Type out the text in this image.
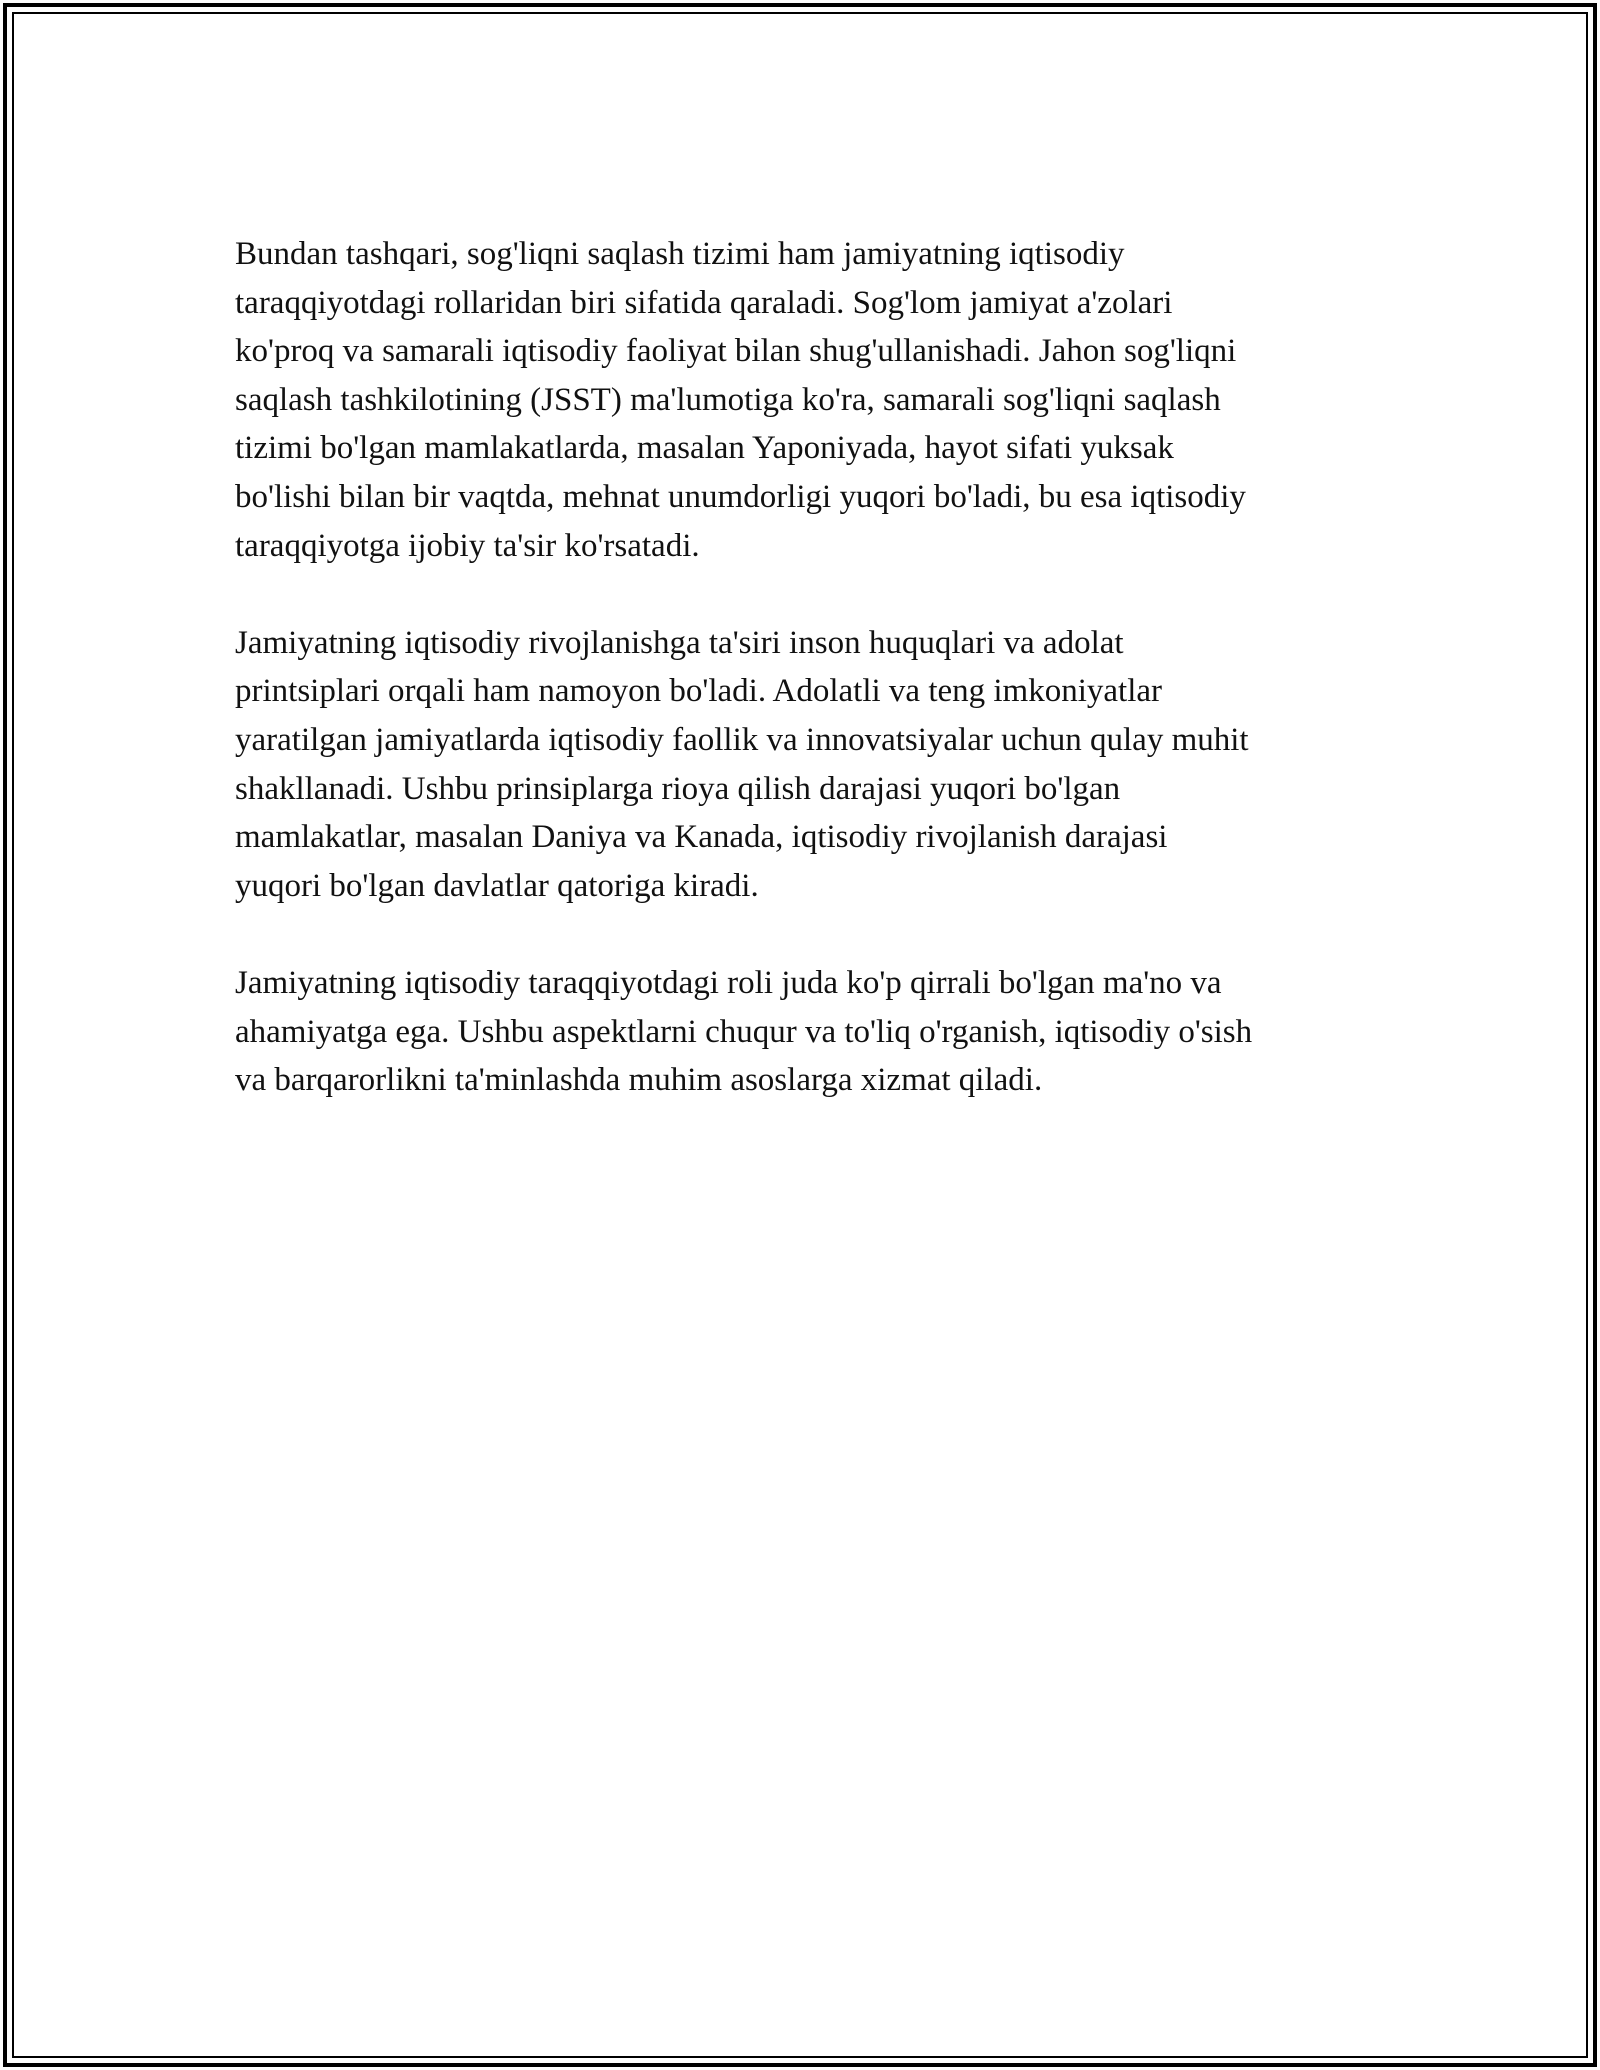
Bundan tashqari, sog'liqni saqlash tizimi ham jamiyatning iqtisodiy
taraqqiyotdagi rollaridan biri sifatida qaraladi. Sog'lom jamiyat a'zolari
ko'proq va samarali iqtisodiy faoliyat bilan shug'ullanishadi. Jahon sog'liqni
saqlash tashkilotining (JSST) ma'lumotiga ko'ra, samarali sog'liqni saqlash
tizimi bo'lgan mamlakatlarda, masalan Yaponiyada, hayot sifati yuksak
bo'lishi bilan bir vaqtda, mehnat unumdorligi yuqori bo'ladi, bu esa iqtisodiy
taraqqiyotga ijobiy ta'sir ko'rsatadi.

Jamiyatning iqtisodiy rivojlanishga ta'siri inson huquqlari va adolat
printsiplari orqali ham namoyon bo'ladi. Adolatli va teng imkoniyatlar
yaratilgan jamiyatlarda iqtisodiy faollik va innovatsiyalar uchun qulay muhit
shakllanadi. Ushbu prinsiplarga rioya qilish darajasi yuqori bo'lgan
mamlakatlar, masalan Daniya va Kanada, iqtisodiy rivojlanish darajasi
yuqori bo'lgan davlatlar qatoriga kiradi.

Jamiyatning iqtisodiy taraqqiyotdagi roli juda ko'p qirrali bo'lgan ma'no va
ahamiyatga ega. Ushbu aspektlarni chuqur va to'liq o'rganish, iqtisodiy o'sish
va barqarorlikni ta'minlashda muhim asoslarga xizmat qiladi.
